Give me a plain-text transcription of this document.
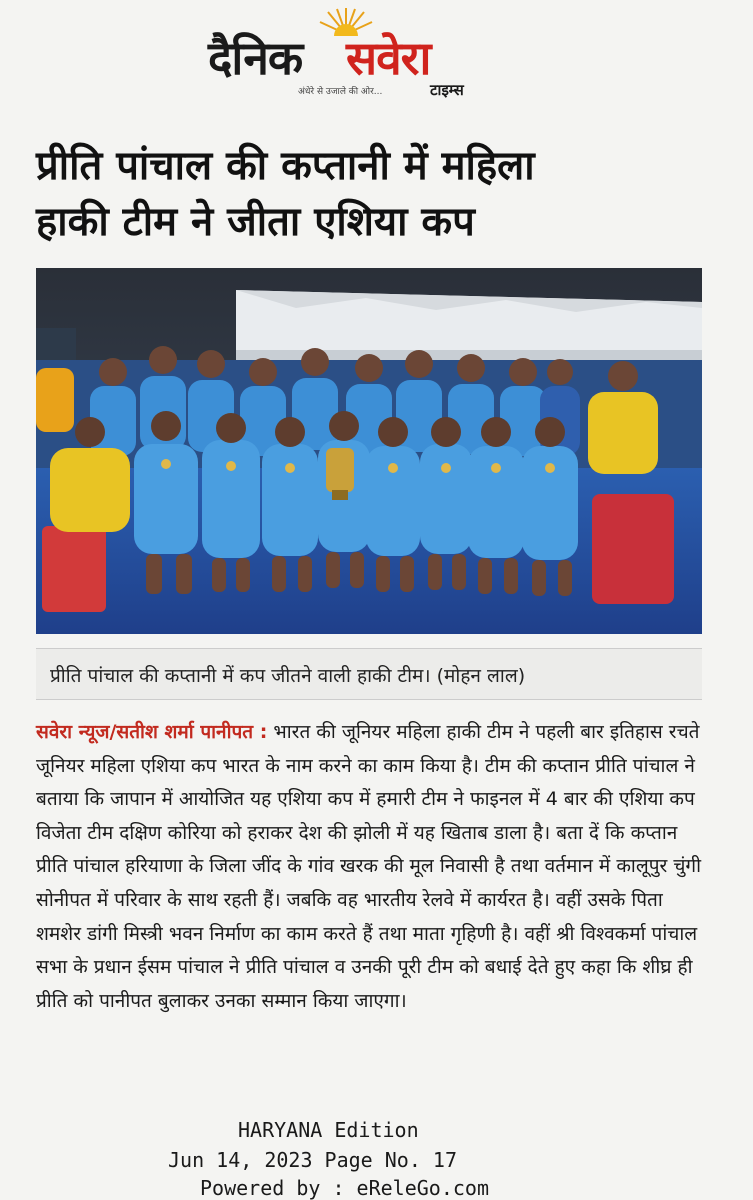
दैनिक सवेरा
अंधेरे से उजाले की ओर...	टाइम्स
प्रीति पांचाल की कप्तानी में महिला
हाकी टीम ने जीता एशिया कप
प्रीति पांचाल की कप्तानी में कप जीतने वाली हाकी टीम। (मोहन लाल)
सवेरा न्यूज/सतीश शर्मा पानीपत : भारत की जूनियर महिला हाकी टीम ने पहली बार इतिहास रचते जूनियर महिला एशिया कप भारत के नाम करने का काम किया है। टीम की कप्तान प्रीति पांचाल ने बताया कि जापान में आयोजित यह एशिया कप में हमारी टीम ने फाइनल में 4 बार की एशिया कप विजेता टीम दक्षिण कोरिया को हराकर देश की झोली में यह खिताब डाला है। बता दें कि कप्तान प्रीति पांचाल हरियाणा के जिला जींद के गांव खरक की मूल निवासी है तथा वर्तमान में कालूपुर चुंगी सोनीपत में परिवार के साथ रहती हैं। जबकि वह भारतीय रेलवे में कार्यरत है। वहीं उसके पिता शमशेर डांगी मिस्त्री भवन निर्माण का काम करते हैं तथा माता गृहिणी है। वहीं श्री विश्वकर्मा पांचाल सभा के प्रधान ईसम पांचाल ने प्रीति पांचाल व उनकी पूरी टीम को बधाई देते हुए कहा कि शीघ्र ही प्रीति को पानीपत बुलाकर उनका सम्मान किया जाएगा।
HARYANA Edition
Jun 14, 2023 Page No. 17
Powered by : eReleGo.com
